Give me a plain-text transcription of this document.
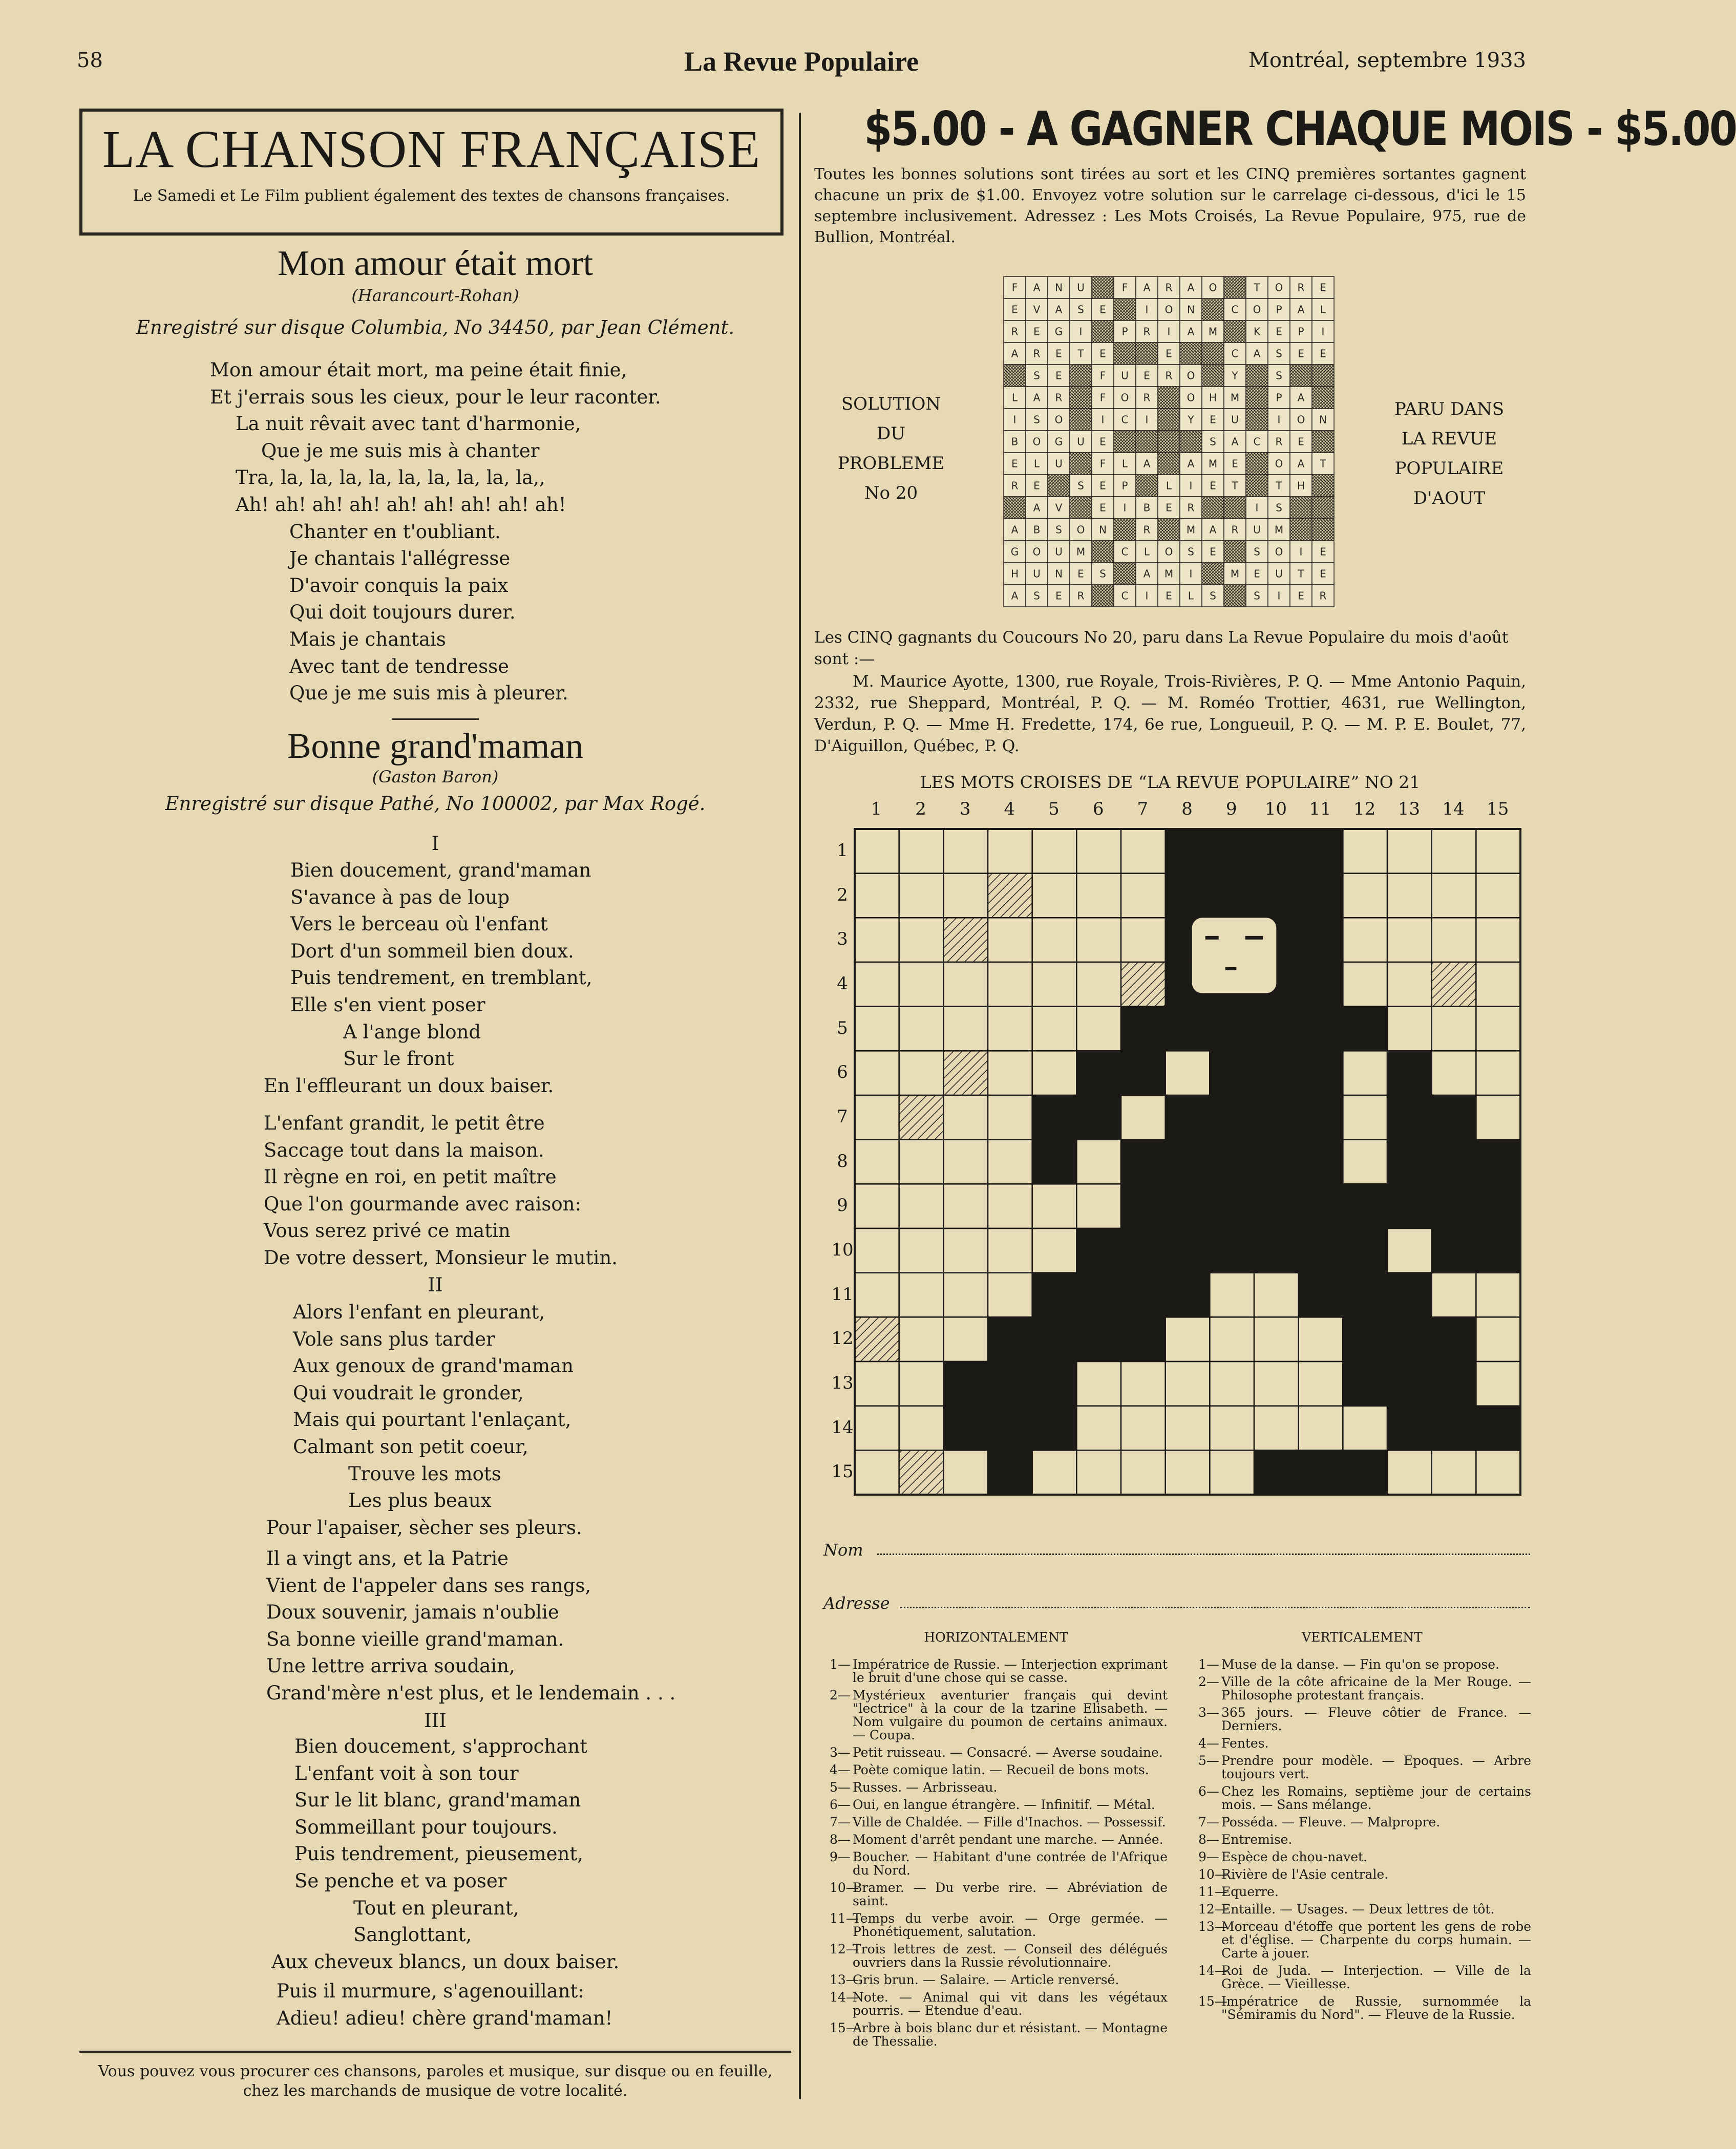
58	La Revue Populaire	Montréal, septembre 1933
LA CHANSON FRANÇAISE
Le Samedi et Le Film publient également des textes de chansons françaises.
Mon amour était mort
(Harancourt-Rohan)
Enregistré sur disque Columbia, No 34450, par Jean Clément.
Mon amour était mort, ma peine était finie,
Et j'errais sous les cieux, pour le leur raconter.
La nuit rêvait avec tant d'harmonie,
Que je me suis mis à chanter
Tra, la, la, la, la, la, la, la, la, la,,
Ah! ah! ah! ah! ah! ah! ah! ah! ah!
Chanter en t'oubliant.
Je chantais l'allégresse
D'avoir conquis la paix
Qui doit toujours durer.
Mais je chantais
Avec tant de tendresse
Que je me suis mis à pleurer.
Bonne grand'maman
(Gaston Baron)
Enregistré sur disque Pathé, No 100002, par Max Rogé.
I
Bien doucement, grand'maman
S'avance à pas de loup
Vers le berceau où l'enfant
Dort d'un sommeil bien doux.
Puis tendrement, en tremblant,
Elle s'en vient poser
A l'ange blond
Sur le front
En l'effleurant un doux baiser.
L'enfant grandit, le petit être
Saccage tout dans la maison.
Il règne en roi, en petit maître
Que l'on gourmande avec raison:
Vous serez privé ce matin
De votre dessert, Monsieur le mutin.
II
Alors l'enfant en pleurant,
Vole sans plus tarder
Aux genoux de grand'maman
Qui voudrait le gronder,
Mais qui pourtant l'enlaçant,
Calmant son petit coeur,
Trouve les mots
Les plus beaux
Pour l'apaiser, sècher ses pleurs.
Il a vingt ans, et la Patrie
Vient de l'appeler dans ses rangs,
Doux souvenir, jamais n'oublie
Sa bonne vieille grand'maman.
Une lettre arriva soudain,
Grand'mère n'est plus, et le lendemain . . .
III
Bien doucement, s'approchant
L'enfant voit à son tour
Sur le lit blanc, grand'maman
Sommeillant pour toujours.
Puis tendrement, pieusement,
Se penche et va poser
Tout en pleurant,
Sanglottant,
Aux cheveux blancs, un doux baiser.
Puis il murmure, s'agenouillant:
Adieu! adieu! chère grand'maman!
Vous pouvez vous procurer ces chansons, paroles et musique, sur disque ou en feuille, chez les marchands de musique de votre localité.
$5.00 - A GAGNER CHAQUE MOIS - $5.00
Toutes les bonnes solutions sont tirées au sort et les CINQ premières sortantes gagnent chacune un prix de $1.00. Envoyez votre solution sur le carrelage ci-dessous, d'ici le 15 septembre inclusivement. Adressez : Les Mots Croisés, La Revue Populaire, 975, rue de Bullion, Montréal.
SOLUTION
DU
PROBLEME
No 20
PARU DANS
LA REVUE
POPULAIRE
D'AOUT
F A N U	F A R A O	T O R E
E V A S E	I O N	C O P A L
R E G I	P R I A M	K E P I
A R E T E	E	C A S E E
S E	F U E R O	Y	S
L A R	F O R	O H M	P A
I S O	I C I	Y E U	I O N
B O G U E	S A C R E
E L U	F L A	A M E	O A T
R E	S E P	L I E T	T H
A V	E I B E R	I S
A B S O N	R	M A R U M
G O U M	C L O S E	S O I E
H U N E S	A M I	M E U T E
A S E R	C I E L S	S I E R
Les CINQ gagnants du Coucours No 20, paru dans La Revue Populaire du mois d'août sont :—
M. Maurice Ayotte, 1300, rue Royale, Trois-Rivières, P. Q. — Mme Antonio Paquin, 2332, rue Sheppard, Montréal, P. Q. — M. Roméo Trottier, 4631, rue Wellington, Verdun, P. Q. — Mme H. Fredette, 174, 6e rue, Longueuil, P. Q. — M. P. E. Boulet, 77, D'Aiguillon, Québec, P. Q.
LES MOTS CROISES DE “LA REVUE POPULAIRE” NO 21
1	2	3	4	5	6	7	8	9	10	11	12	13	14	15
1
2
3
4
5
6
7
8
9
10
11
12
13
14
15
Nom
Adresse
HORIZONTALEMENT
1— Impératrice de Russie. — Interjection exprimant le bruit d'une chose qui se casse.
2— Mystérieux aventurier français qui devint "lectrice" à la cour de la tzarine Elisabeth. — Nom vulgaire du poumon de certains animaux. — Coupa.
3— Petit ruisseau. — Consacré. — Averse soudaine.
4— Poète comique latin. — Recueil de bons mots.
5— Russes. — Arbrisseau.
6— Oui, en langue étrangère. — Infinitif. — Métal.
7— Ville de Chaldée. — Fille d'Inachos. — Possessif.
8— Moment d'arrêt pendant une marche. — Année.
9— Boucher. — Habitant d'une contrée de l'Afrique du Nord.
10—
Bramer. — Du verbe rire. — Abréviation de saint.
11—
Temps du verbe avoir. — Orge germée. — Phonétiquement, salutation.
12—
Trois lettres de zest. — Conseil des délégués ouvriers dans la Russie révolutionnaire.
13—
Gris brun. — Salaire. — Article renversé.
14—
Note. — Animal qui vit dans les végétaux pourris. — Etendue d'eau.
15—
Arbre à bois blanc dur et résistant. — Montagne de Thessalie.
VERTICALEMENT
1— Muse de la danse. — Fin qu'on se propose.
2— Ville de la côte africaine de la Mer Rouge. — Philosophe protestant français.
3— 365 jours. — Fleuve côtier de France. — Derniers.
4— Fentes.
5— Prendre pour modèle. — Epoques. — Arbre toujours vert.
6— Chez les Romains, septième jour de certains mois. — Sans mélange.
7— Posséda. — Fleuve. — Malpropre.
8— Entremise.
9— Espèce de chou-navet.
10—
Rivière de l'Asie centrale.
11—
Equerre.
12—
Entaille. — Usages. — Deux lettres de tôt.
13—
Morceau d'étoffe que portent les gens de robe et d'église. — Charpente du corps humain. — Carte à jouer.
14—
Roi de Juda. — Interjection. — Ville de la Grèce. — Vieillesse.
15—
Impératrice de Russie, surnommée la "Sémiramis du Nord". — Fleuve de la Russie.
